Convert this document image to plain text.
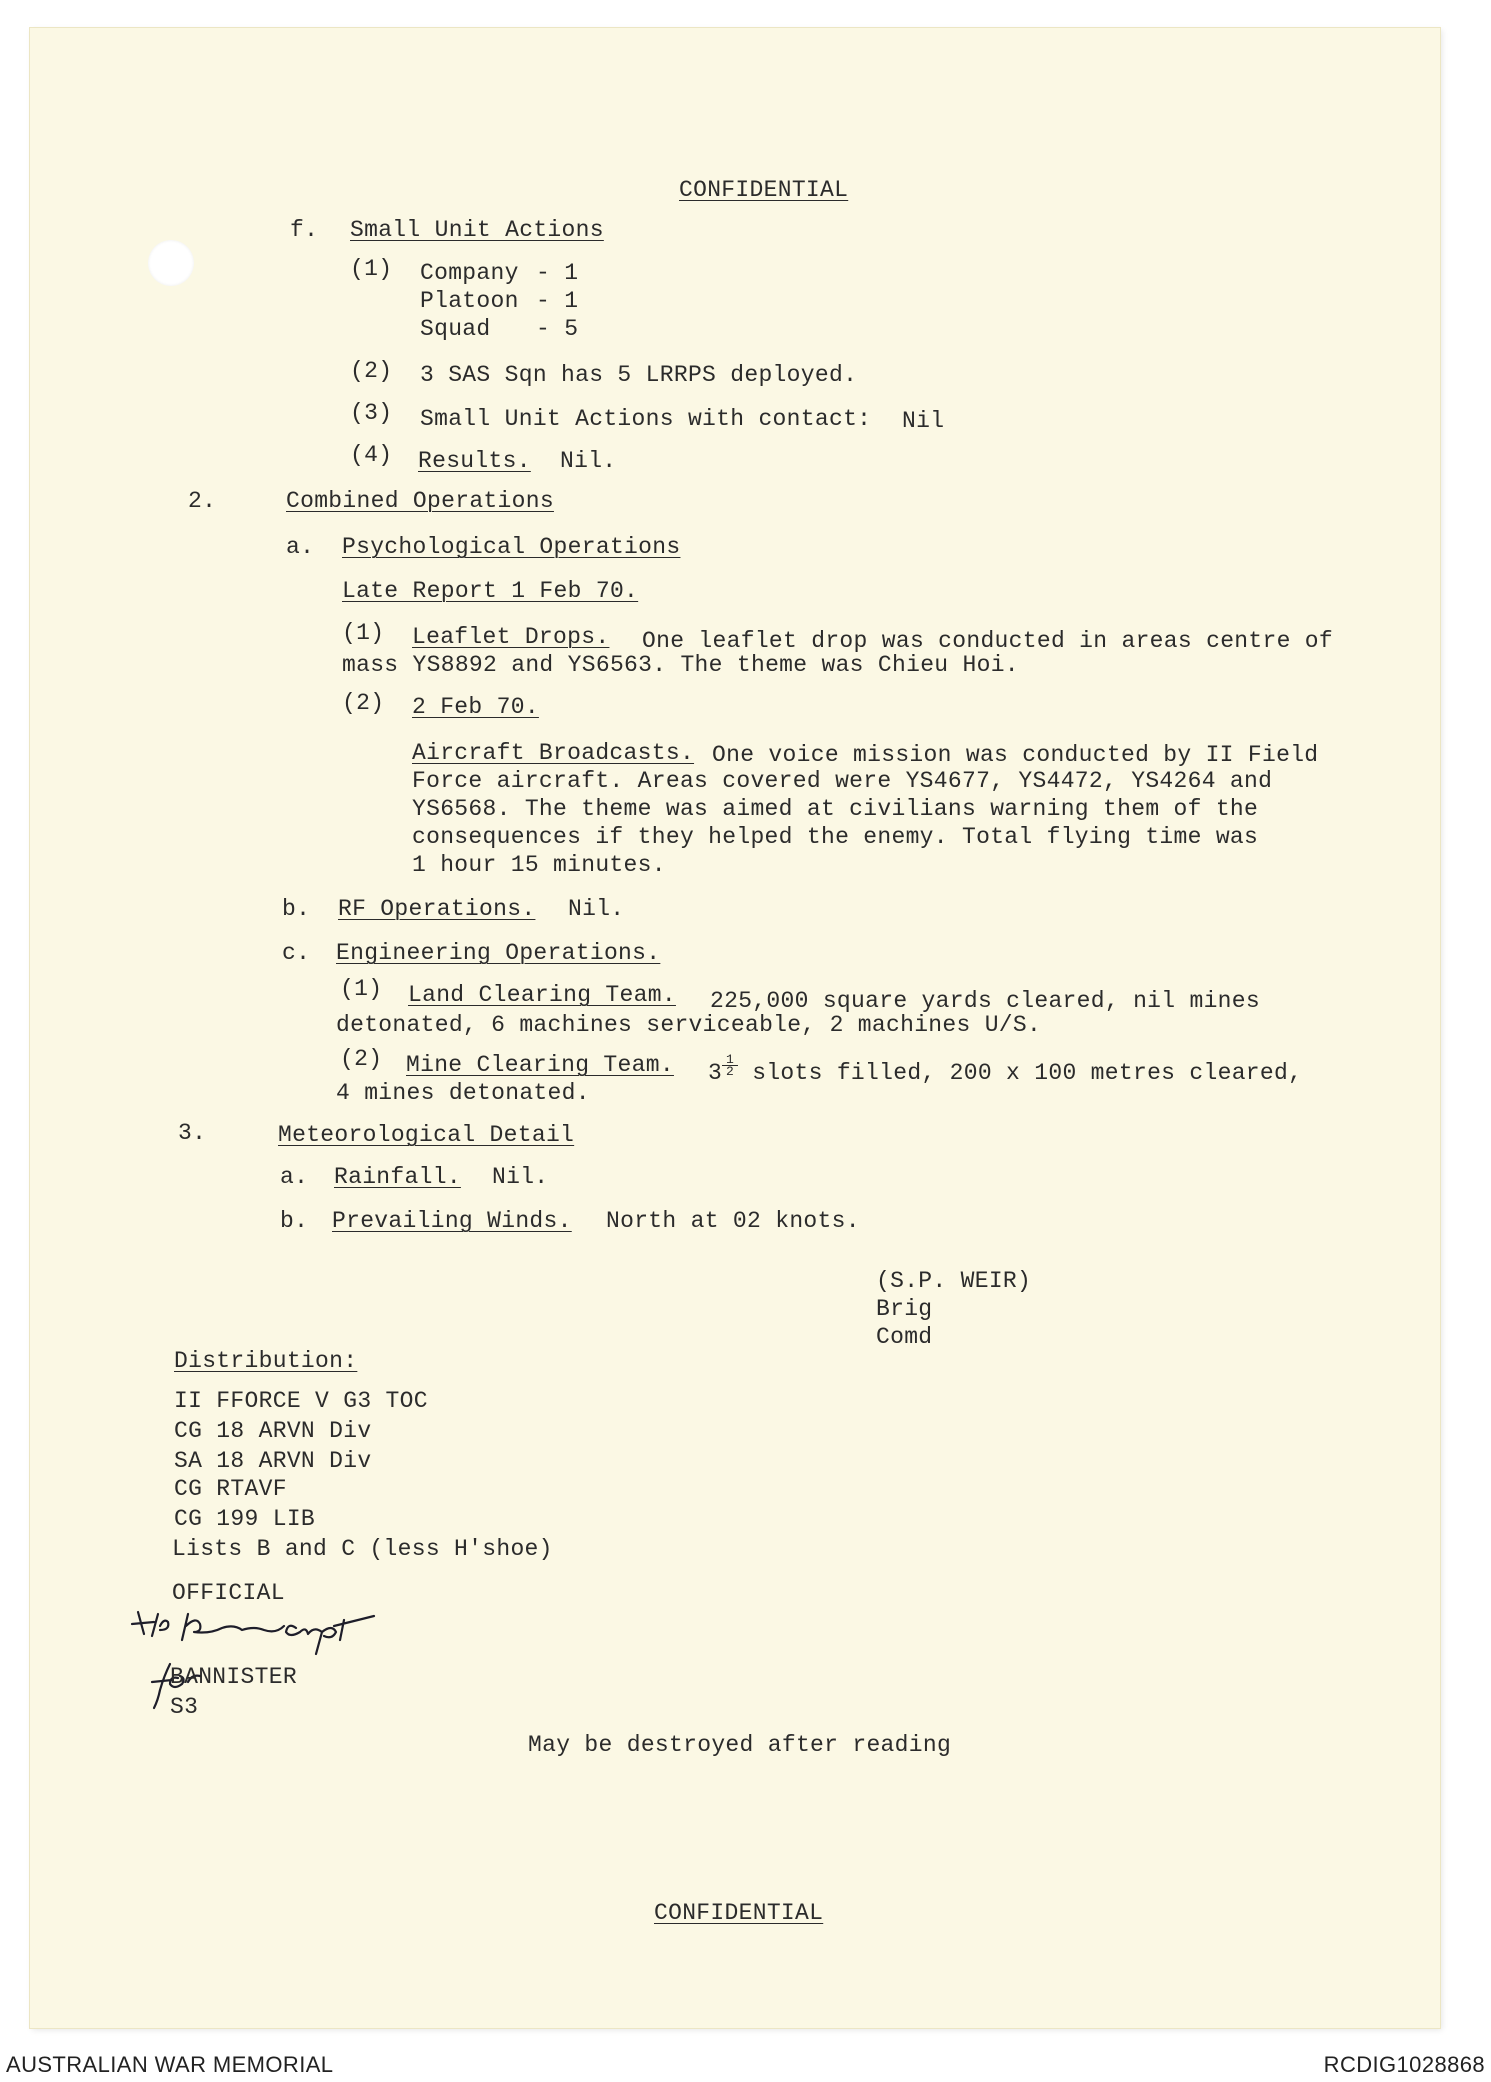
CONFIDENTIAL
f. Small Unit Actions
(1) Company - 1
Platoon - 1
Squad - 5
(2) 3 SAS Sqn has 5 LRRPS deployed.
(3) Small Unit Actions with contact: Nil
(4) Results. Nil.
2.	Combined Operations
a. Psychological Operations
Late Report 1 Feb 70.
(1) Leaflet Drops. One leaflet drop was conducted in areas centre of
mass YS8892 and YS6563. The theme was Chieu Hoi.
(2) 2 Feb 70.
Aircraft Broadcasts. One voice mission was conducted by II Field
Force aircraft. Areas covered were YS4677, YS4472, YS4264 and
YS6568. The theme was aimed at civilians warning them of the
consequences if they helped the enemy. Total flying time was
1 hour 15 minutes.
b. RF Operations. Nil.
c. Engineering Operations.
(1) Land Clearing Team. 225,000 square yards cleared, nil mines
detonated, 6 machines serviceable, 2 machines U/S.
(2) Mine Clearing Team. $3 \frac{1}{2}$ slots filled, 200 x 100 metres cleared,
4 mines detonated.
3.	Meteorological Detail
a. Rainfall. Nil.
b. Prevailing Winds. North at 02 knots.
(S.P. WEIR)
Brig
Comd
Distribution:
II FFORCE V G3 TOC
CG 18 ARVN Div
SA 18 ARVN Div
CG RTAVF
CG 199 LIB
Lists B and C (less H'shoe)
OFFICIAL
BANNISTER
S3
May be destroyed after reading
CONFIDENTIAL
AUSTRALIAN WAR MEMORIAL	RCDIG1028868
